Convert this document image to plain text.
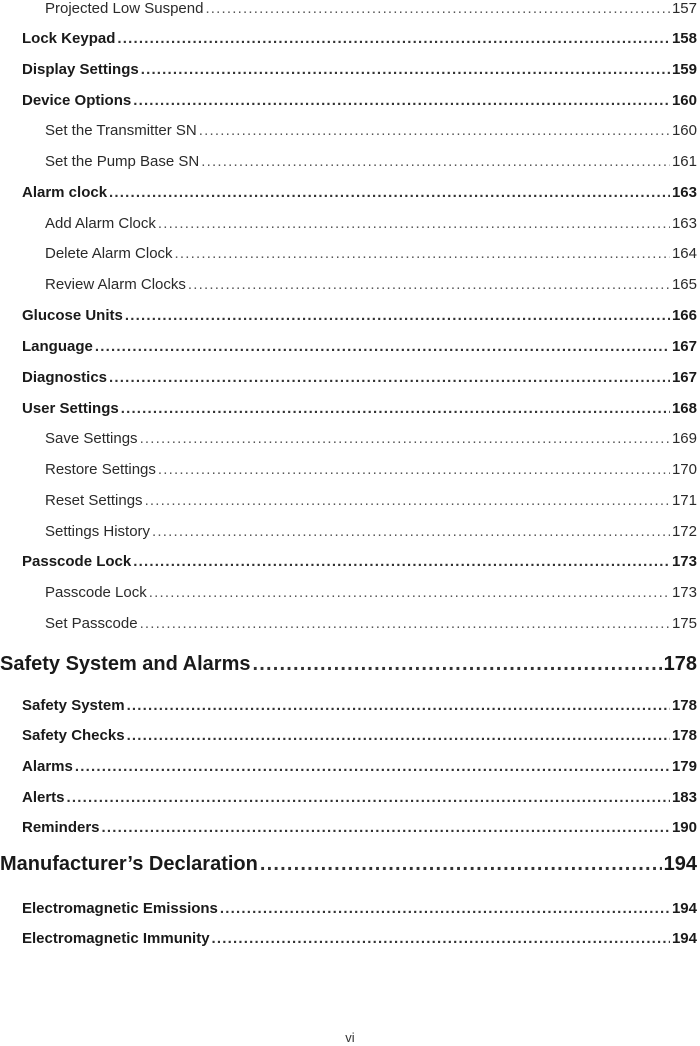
Projected Low Suspend .....	157
Lock Keypad .....	158
Display Settings .....	159
Device Options .....	160
Set the Transmitter SN .....	160
Set the Pump Base SN .....	161
Alarm clock .....	163
Add Alarm Clock .....	163
Delete Alarm Clock .....	164
Review Alarm Clocks .....	165
Glucose Units .....	166
Language .....	167
Diagnostics .....	167
User Settings .....	168
Save Settings .....	169
Restore Settings .....	170
Reset Settings .....	171
Settings History .....	172
Passcode Lock .....	173
Passcode Lock .....	173
Set Passcode .....	175
Safety System and Alarms .....	178
Safety System .....	178
Safety Checks .....	178
Alarms .....	179
Alerts .....	183
Reminders .....	190
Manufacturer’s Declaration .....	194
Electromagnetic Emissions .....	194
Electromagnetic Immunity .....	194
vi
